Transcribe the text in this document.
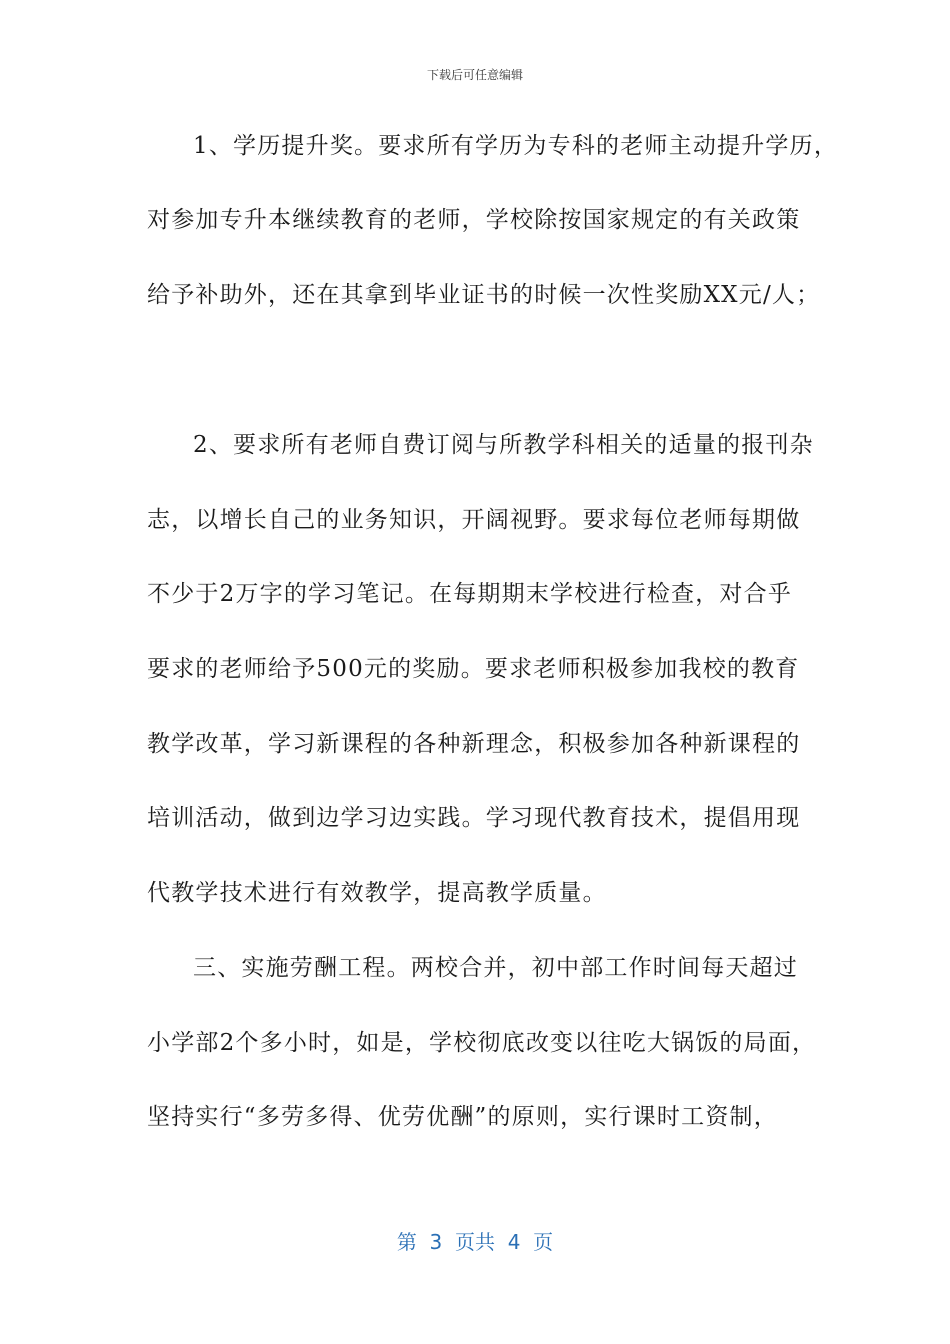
下载后可任意编辑
1、学历提升奖。要求所有学历为专科的老师主动提升学历，
对参加专升本继续教育的老师，学校除按国家规定的有关政策
给予补助外，还在其拿到毕业证书的时候一次性奖励XX元/人；
2、要求所有老师自费订阅与所教学科相关的适量的报刊杂
志，以增长自己的业务知识，开阔视野。要求每位老师每期做
不少于2万字的学习笔记。在每期期末学校进行检查，对合乎
要求的老师给予500元的奖励。要求老师积极参加我校的教育
教学改革，学习新课程的各种新理念，积极参加各种新课程的
培训活动，做到边学习边实践。学习现代教育技术，提倡用现
代教学技术进行有效教学，提高教学质量。
三、实施劳酬工程。两校合并，初中部工作时间每天超过
小学部2个多小时，如是，学校彻底改变以往吃大锅饭的局面，
坚持实行“多劳多得、优劳优酬”的原则，实行课时工资制，
第  3  页共  4  页
